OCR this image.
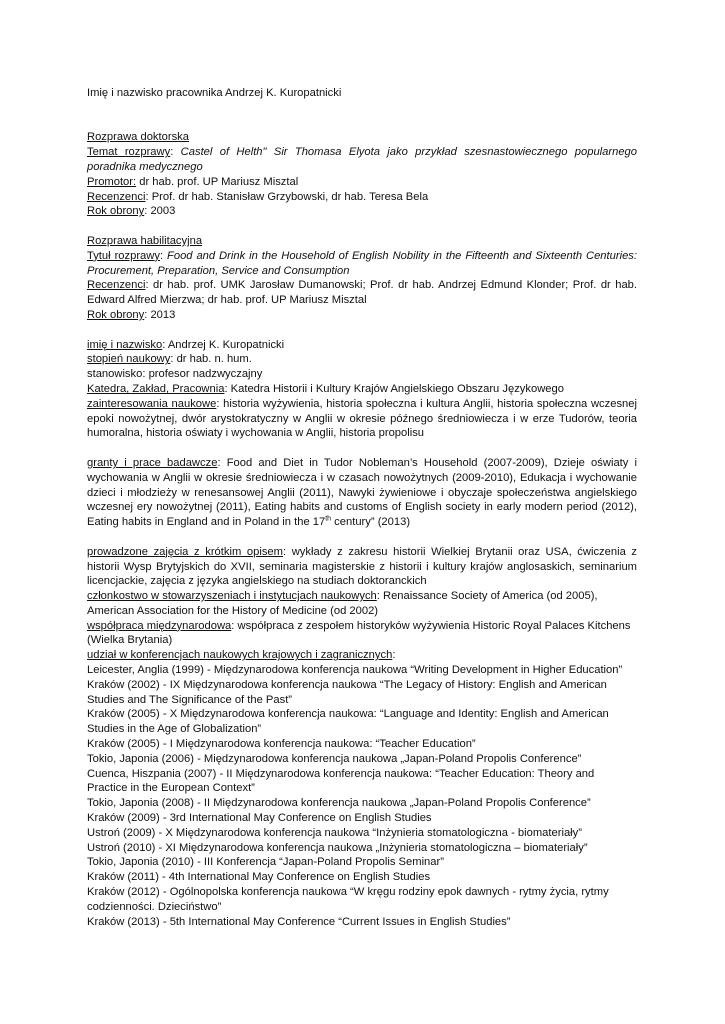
Imię i nazwisko pracownika Andrzej K. Kuropatnicki

Rozprawa doktorska

Temat rozprawy: Castel of Helth" Sir Thomasa Elyota jako przykład szesnastowiecznego popularnego poradnika medycznego

Promotor: dr hab. prof. UP Mariusz Misztal

Recenzenci: Prof. dr hab. Stanisław Grzybowski, dr hab. Teresa Bela

Rok obrony: 2003

Rozprawa habilitacyjna

Tytuł rozprawy: Food and Drink in the Household of English Nobility in the Fifteenth and Sixteenth Centuries: Procurement, Preparation, Service and Consumption

Recenzenci: dr hab. prof. UMK Jarosław Dumanowski; Prof. dr hab. Andrzej Edmund Klonder; Prof. dr hab. Edward Alfred Mierzwa; dr hab. prof. UP Mariusz Misztal

Rok obrony: 2013

imię i nazwisko: Andrzej K. Kuropatnicki

stopień naukowy: dr hab. n. hum.

stanowisko: profesor nadzwyczajny

Katedra, Zakład, Pracownia: Katedra Historii i Kultury Krajów Angielskiego Obszaru Językowego

zainteresowania naukowe: historia wyżywienia, historia społeczna i kultura Anglii, historia społeczna wczesnej epoki nowożytnej, dwór arystokratyczny w Anglii w okresie późnego średniowiecza i w erze Tudorów, teoria humoralna, historia oświaty i wychowania w Anglii, historia propolisu

granty i prace badawcze: Food and Diet in Tudor Nobleman’s Household (2007-2009), Dzieje oświaty i wychowania w Anglii w okresie średniowiecza i w czasach nowożytnych (2009-2010), Edukacja i wychowanie dzieci i młodzieży w renesansowej Anglii (2011), Nawyki żywieniowe i obyczaje społeczeństwa angielskiego wczesnej ery nowożytnej (2011), Eating habits and customs of English society in early modern period (2012), Eating habits in England and in Poland in the 17th century” (2013)

prowadzone zajęcia z krótkim opisem: wykłady z zakresu historii Wielkiej Brytanii oraz USA, ćwiczenia z historii Wysp Brytyjskich do XVII, seminaria magisterskie z historii i kultury krajów anglosaskich, seminarium licencjackie, zajęcia z języka angielskiego na studiach doktoranckich

członkostwo w stowarzyszeniach i instytucjach naukowych: Renaissance Society of America (od 2005), American Association for the History of Medicine (od 2002)

współpraca międzynarodowa: współpraca z zespołem historyków wyżywienia Historic Royal Palaces Kitchens (Wielka Brytania)

udział w konferencjach naukowych krajowych i zagranicznych:

Leicester, Anglia (1999) - Międzynarodowa konferencja naukowa “Writing Development in Higher Education”

Kraków (2002) - IX Międzynarodowa konferencja naukowa “The Legacy of History: English and American Studies and The Significance of the Past”

Kraków (2005) - X Międzynarodowa konferencja naukowa: “Language and Identity: English and American Studies in the Age of Globalization”

Kraków (2005) - I Międzynarodowa konferencja naukowa: “Teacher Education”

Tokio, Japonia (2006) - Międzynarodowa konferencja naukowa „Japan-Poland Propolis Conference”

Cuenca, Hiszpania (2007) - II Międzynarodowa konferencja naukowa: “Teacher Education: Theory and Practice in the European Context”

Tokio, Japonia (2008) - II Międzynarodowa konferencja naukowa „Japan-Poland Propolis Conference”

Kraków (2009) - 3rd International May Conference on English Studies

Ustroń (2009) - X Międzynarodowa konferencja naukowa “Inżynieria stomatologiczna - biomateriały”

Ustroń (2010) - XI Międzynarodowa konferencja naukowa „Inżynieria stomatologiczna – biomateriały”

Tokio, Japonia (2010) - III Konferencja “Japan-Poland Propolis Seminar”

Kraków (2011) - 4th International May Conference on English Studies

Kraków (2012) - Ogólnopolska konferencja naukowa “W kręgu rodziny epok dawnych - rytmy życia, rytmy codzienności. Dzieciństwo”

Kraków (2013) - 5th International May Conference “Current Issues in English Studies”
